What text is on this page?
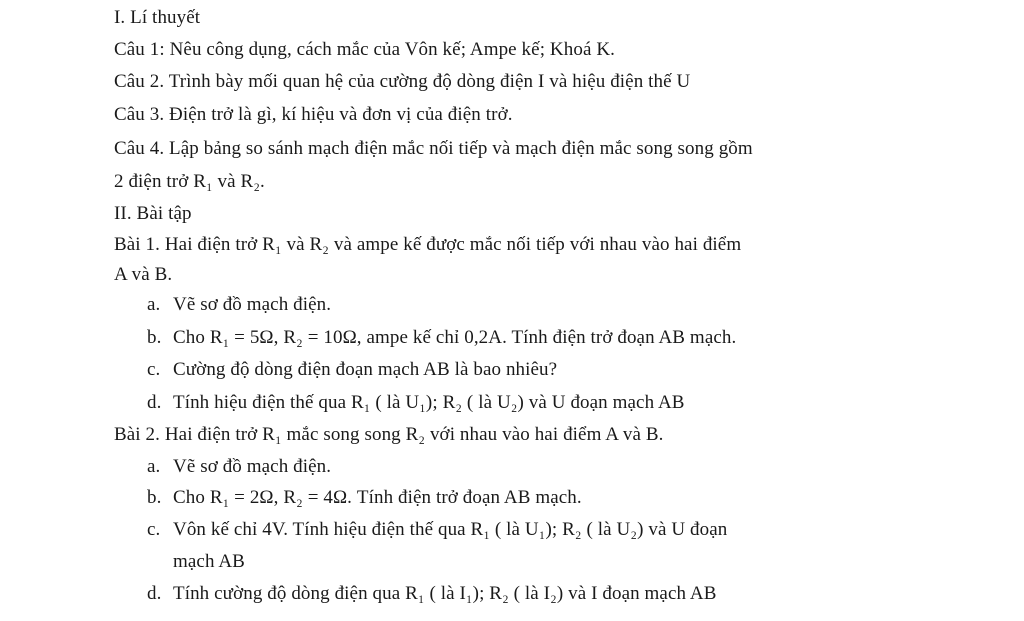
I. Lí thuyết
Câu 1: Nêu công dụng, cách mắc của Vôn kế; Ampe kế; Khoá K.
Câu 2. Trình bày mối quan hệ của cường độ dòng điện I và hiệu điện thế U
Câu 3. Điện trở là gì, kí hiệu và đơn vị của điện trở.
Câu 4. Lập bảng so sánh mạch điện mắc nối tiếp và mạch điện mắc song song gồm
2 điện trở R₁ và R₂.
II. Bài tập
Bài 1. Hai điện trở R₁ và R₂ và ampe kế được mắc nối tiếp với nhau vào hai điểm
A và B.
a. Vẽ sơ đồ mạch điện.
b. Cho R₁ = 5Ω, R₂ = 10Ω, ampe kế chỉ 0,2A. Tính điện trở đoạn AB mạch.
c. Cường độ dòng điện đoạn mạch AB là bao nhiêu?
d. Tính hiệu điện thế qua R₁ ( là U₁); R₂ ( là U₂) và U đoạn mạch AB
Bài 2. Hai điện trở R₁ mắc song song R₂ với nhau vào hai điểm A và B.
a. Vẽ sơ đồ mạch điện.
b. Cho R₁ = 2Ω, R₂ = 4Ω. Tính điện trở đoạn AB mạch.
c. Vôn kế chỉ 4V. Tính hiệu điện thế qua R₁ ( là U₁); R₂ ( là U₂) và U đoạn
mạch AB
d. Tính cường độ dòng điện qua R₁ ( là I₁); R₂ ( là I₂) và I đoạn mạch AB
